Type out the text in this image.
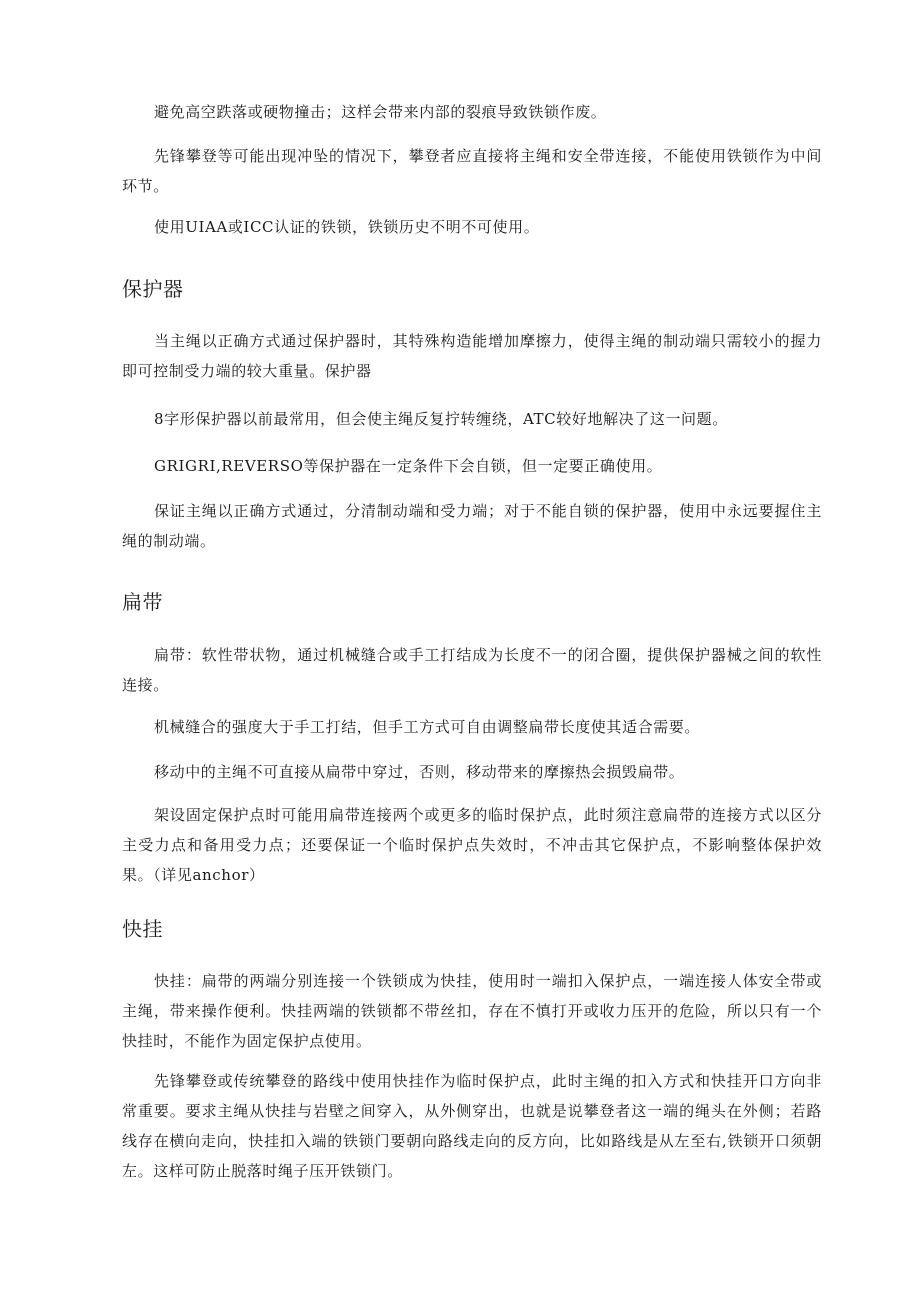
避免高空跌落或硬物撞击；这样会带来内部的裂痕导致铁锁作废。

先锋攀登等可能出现冲坠的情况下，攀登者应直接将主绳和安全带连接，不能使用铁锁作为中间环节。

使用UIAA或ICC认证的铁锁，铁锁历史不明不可使用。

保护器

当主绳以正确方式通过保护器时，其特殊构造能增加摩擦力，使得主绳的制动端只需较小的握力即可控制受力端的较大重量。保护器

8字形保护器以前最常用，但会使主绳反复拧转缠绕，ATC较好地解决了这一问题。

GRIGRI,REVERSO等保护器在一定条件下会自锁，但一定要正确使用。

保证主绳以正确方式通过，分清制动端和受力端；对于不能自锁的保护器，使用中永远要握住主绳的制动端。

扁带

扁带：软性带状物，通过机械缝合或手工打结成为长度不一的闭合圈，提供保护器械之间的软性连接。

机械缝合的强度大于手工打结，但手工方式可自由调整扁带长度使其适合需要。

移动中的主绳不可直接从扁带中穿过，否则，移动带来的摩擦热会损毁扁带。

架设固定保护点时可能用扁带连接两个或更多的临时保护点，此时须注意扁带的连接方式以区分主受力点和备用受力点；还要保证一个临时保护点失效时，不冲击其它保护点，不影响整体保护效果。（详见anchor）

快挂

快挂：扁带的两端分别连接一个铁锁成为快挂，使用时一端扣入保护点，一端连接人体安全带或主绳，带来操作便利。快挂两端的铁锁都不带丝扣，存在不慎打开或收力压开的危险，所以只有一个快挂时，不能作为固定保护点使用。

先锋攀登或传统攀登的路线中使用快挂作为临时保护点，此时主绳的扣入方式和快挂开口方向非常重要。要求主绳从快挂与岩壁之间穿入，从外侧穿出，也就是说攀登者这一端的绳头在外侧；若路线存在横向走向，快挂扣入端的铁锁门要朝向路线走向的反方向，比如路线是从左至右,铁锁开口须朝左。这样可防止脱落时绳子压开铁锁门。
